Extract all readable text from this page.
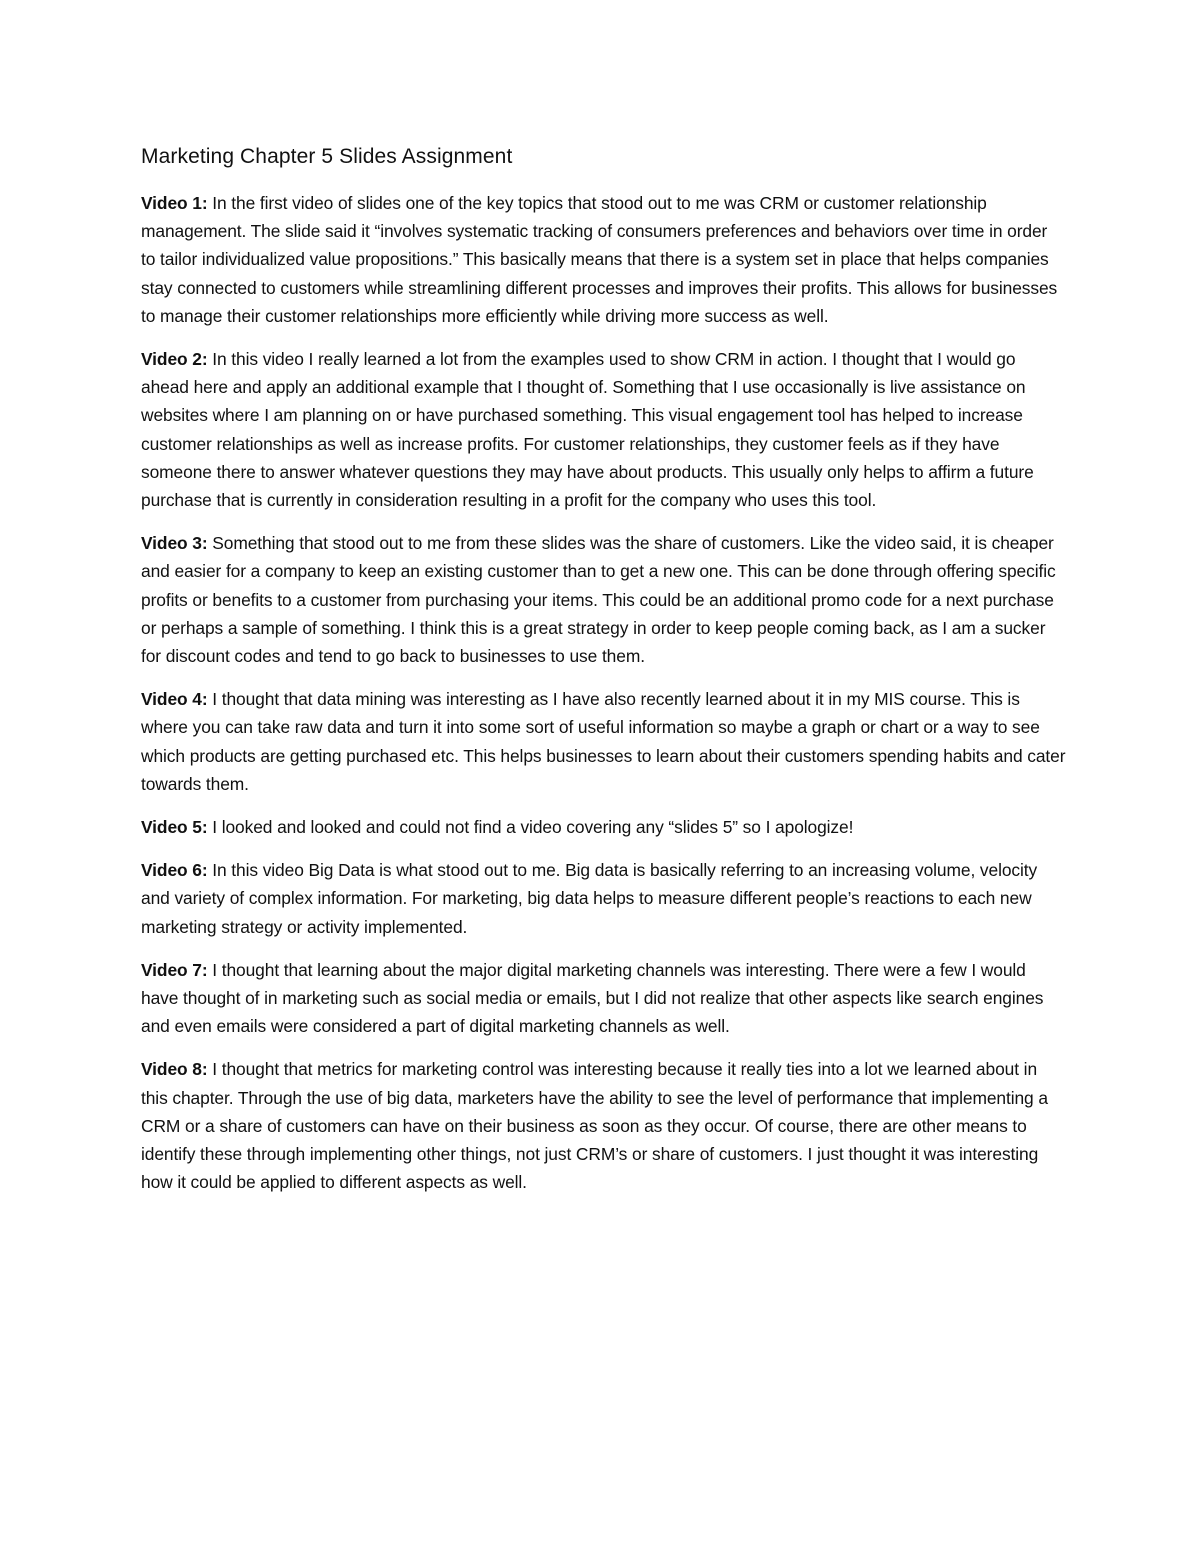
Marketing Chapter 5 Slides Assignment

Video 1: In the first video of slides one of the key topics that stood out to me was CRM or customer relationship management. The slide said it “involves systematic tracking of consumers preferences and behaviors over time in order to tailor individualized value propositions.” This basically means that there is a system set in place that helps companies stay connected to customers while streamlining different processes and improves their profits. This allows for businesses to manage their customer relationships more efficiently while driving more success as well.

Video 2: In this video I really learned a lot from the examples used to show CRM in action. I thought that I would go ahead here and apply an additional example that I thought of. Something that I use occasionally is live assistance on websites where I am planning on or have purchased something. This visual engagement tool has helped to increase customer relationships as well as increase profits. For customer relationships, they customer feels as if they have someone there to answer whatever questions they may have about products. This usually only helps to affirm a future purchase that is currently in consideration resulting in a profit for the company who uses this tool.

Video 3: Something that stood out to me from these slides was the share of customers. Like the video said, it is cheaper and easier for a company to keep an existing customer than to get a new one. This can be done through offering specific profits or benefits to a customer from purchasing your items. This could be an additional promo code for a next purchase or perhaps a sample of something. I think this is a great strategy in order to keep people coming back, as I am a sucker for discount codes and tend to go back to businesses to use them.

Video 4: I thought that data mining was interesting as I have also recently learned about it in my MIS course. This is where you can take raw data and turn it into some sort of useful information so maybe a graph or chart or a way to see which products are getting purchased etc. This helps businesses to learn about their customers spending habits and cater towards them.

Video 5: I looked and looked and could not find a video covering any “slides 5” so I apologize!

Video 6: In this video Big Data is what stood out to me. Big data is basically referring to an increasing volume, velocity and variety of complex information. For marketing, big data helps to measure different people’s reactions to each new marketing strategy or activity implemented.

Video 7: I thought that learning about the major digital marketing channels was interesting. There were a few I would have thought of in marketing such as social media or emails, but I did not realize that other aspects like search engines and even emails were considered a part of digital marketing channels as well.

Video 8: I thought that metrics for marketing control was interesting because it really ties into a lot we learned about in this chapter. Through the use of big data, marketers have the ability to see the level of performance that implementing a CRM or a share of customers can have on their business as soon as they occur. Of course, there are other means to identify these through implementing other things, not just CRM’s or share of customers. I just thought it was interesting how it could be applied to different aspects as well.
